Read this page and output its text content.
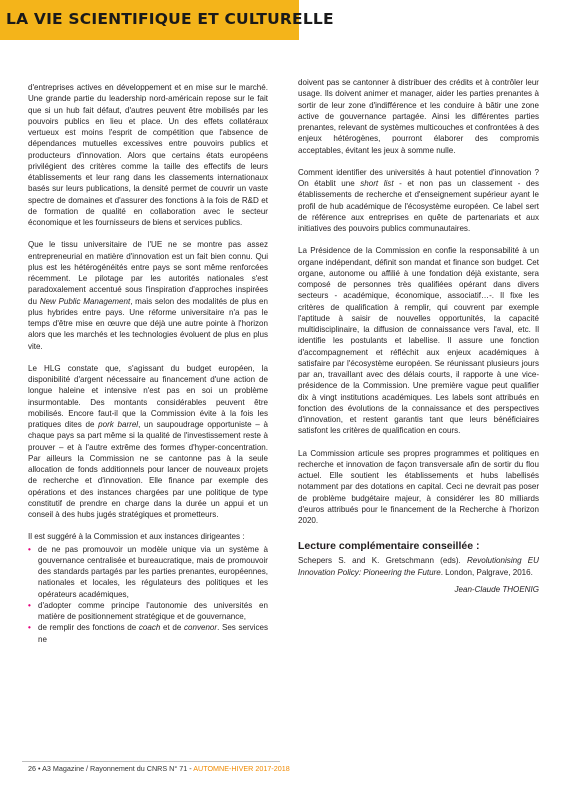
LA VIE SCIENTIFIQUE ET CULTURELLE

d'entreprises actives en développement et en mise sur le marché. Une grande partie du leadership nord-américain repose sur le fait que si un hub fait défaut, d'autres peuvent être mobilisés par les pouvoirs publics en lieu et place. Un des effets collatéraux vertueux est moins l'esprit de compétition que l'absence de dépendances mutuelles excessives entre pouvoirs publics et producteurs d'innovation. Alors que certains états européens privilégient des critères comme la taille des effectifs de leurs établissements et leur rang dans les classements internationaux basés sur leurs publications, la densité permet de couvrir un vaste spectre de domaines et d'assurer des fonctions à la fois de R&D et de formation de qualité en collaboration avec le secteur économique et les fournisseurs de biens et services publics.

Que le tissu universitaire de l'UE ne se montre pas assez entrepreneurial en matière d'innovation est un fait bien connu. Qui plus est les hétérogénéités entre pays se sont même renforcées récemment. Le pilotage par les autorités nationales s'est paradoxalement accentué sous l'inspiration d'approches inspirées du New Public Management, mais selon des modalités de plus en plus hybrides entre pays. Une réforme universitaire n'a pas le temps d'être mise en œuvre que déjà une autre pointe à l'horizon alors que les marchés et les technologies évoluent de plus en plus vite.

Le HLG constate que, s'agissant du budget européen, la disponibilité d'argent nécessaire au financement d'une action de longue haleine et intensive n'est pas en soi un problème insurmontable. Des montants considérables peuvent être mobilisés. Encore faut-il que la Commission évite à la fois les pratiques dites de pork barrel, un saupoudrage opportuniste – à chaque pays sa part même si la qualité de l'investissement reste à prouver – et à l'autre extrême des formes d'hyper-concentration. Par ailleurs la Commission ne se cantonne pas à la seule allocation de fonds additionnels pour lancer de nouveaux projets de recherche et d'innovation. Elle finance par exemple des opérations et des instances chargées par une politique de type constitutif de prendre en charge dans la durée un appui et un conseil à des hubs jugés stratégiques et prometteurs.

Il est suggéré à la Commission et aux instances dirigeantes :

• de ne pas promouvoir un modèle unique via un système à gouvernance centralisée et bureaucratique, mais de promouvoir des standards partagés par les parties prenantes, européennes, nationales et locales, les régulateurs des politiques et les opérateurs académiques,
• d'adopter comme principe l'autonomie des universités en matière de positionnement stratégique et de gouvernance,
• de remplir des fonctions de coach et de convenor. Ses services ne

doivent pas se cantonner à distribuer des crédits et à contrôler leur usage. Ils doivent animer et manager, aider les parties prenantes à sortir de leur zone d'indifférence et les conduire à bâtir une zone active de gouvernance partagée. Ainsi les différentes parties prenantes, relevant de systèmes multicouches et confrontées à des enjeux hétérogènes, pourront élaborer des compromis acceptables, évitant les jeux à somme nulle.

Comment identifier des universités à haut potentiel d'innovation ? On établit une short list - et non pas un classement - des établissements de recherche et d'enseignement supérieur ayant le profil de hub académique de l'écosystème européen. Ce label sert de référence aux entreprises en quête de partenariats et aux initiatives des pouvoirs publics communautaires.

La Présidence de la Commission en confie la responsabilité à un organe indépendant, définit son mandat et finance son budget. Cet organe, autonome ou affilié à une fondation déjà existante, sera composé de personnes très qualifiées opérant dans divers secteurs - académique, économique, associatif…-. Il fixe les critères de qualification à remplir, qui couvrent par exemple l'aptitude à saisir de nouvelles opportunités, la capacité multidisciplinaire, la diffusion de connaissance vers l'aval, etc. Il identifie les postulants et labellise. Il assure une fonction d'accompagnement et réfléchit aux enjeux académiques à satisfaire par l'écosystème européen. Se réunissant plusieurs jours par an, travaillant avec des délais courts, il rapporte à une vice-présidence de la Commission. Une première vague peut qualifier dix à vingt institutions académiques. Les labels sont attribués en fonction des évolutions de la connaissance et des perspectives d'innovation, et restent garantis tant que leurs bénéficiaires satisfont les critères de qualification en cours.

La Commission articule ses propres programmes et politiques en recherche et innovation de façon transversale afin de sortir du flou actuel. Elle soutient les établissements et hubs labellisés notamment par des dotations en capital. Ceci ne devrait pas poser de problème budgétaire majeur, à considérer les 80 milliards d'euros attribués pour le financement de la Recherche à l'horizon 2020.

Lecture complémentaire conseillée :

Schepers S. and K. Gretschmann (eds). Revolutionising EU Innovation Policy: Pioneering the Future. London, Palgrave, 2016.

Jean-Claude THOENIG
26 • A3 Magazine / Rayonnement du CNRS N° 71 - AUTOMNE-HIVER 2017-2018
